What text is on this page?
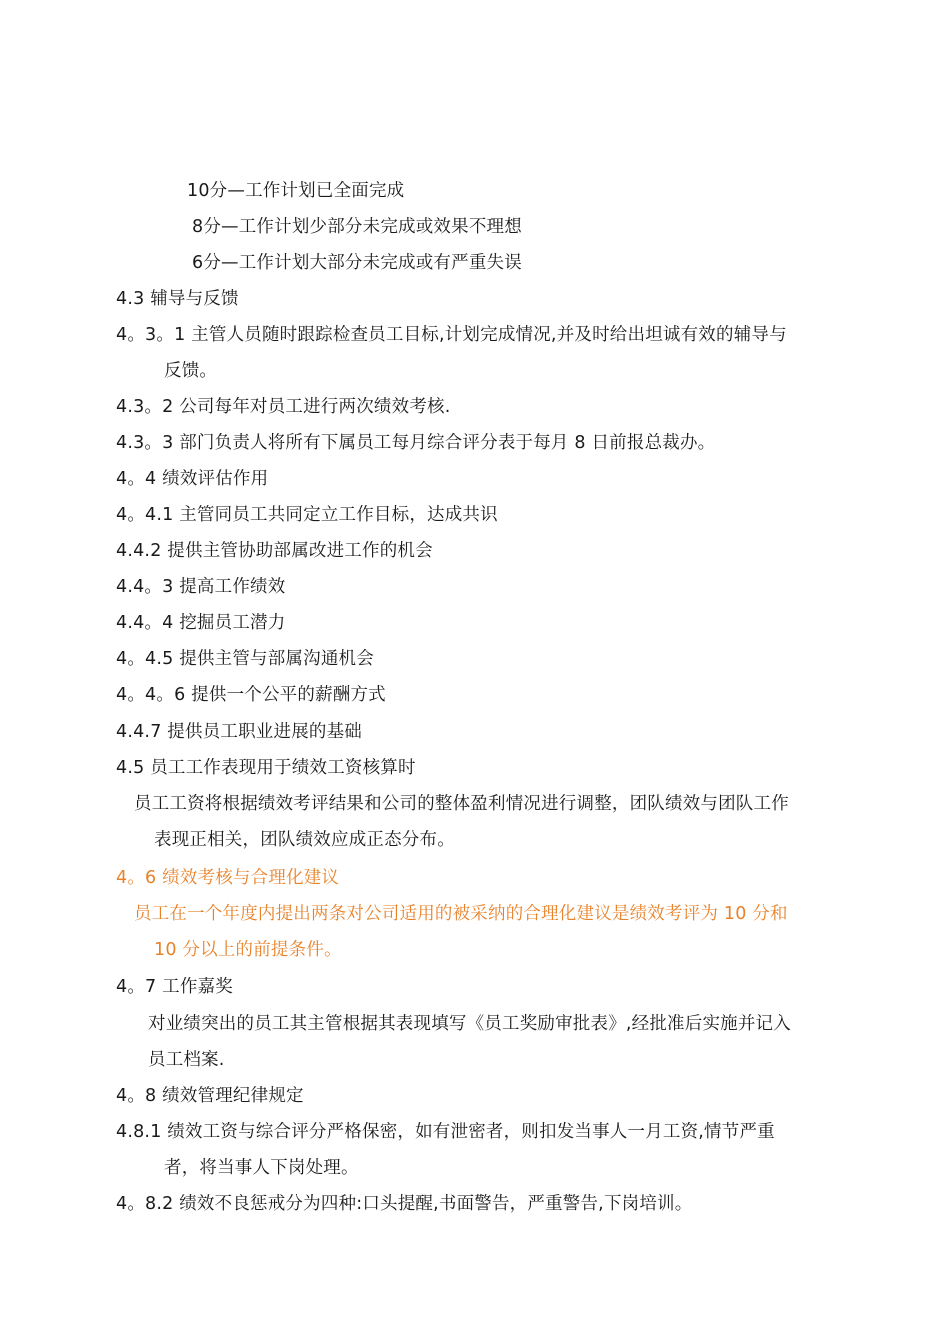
10分—工作计划已全面完成
8分—工作计划少部分未完成或效果不理想
6分—工作计划大部分未完成或有严重失误
4.3 辅导与反馈
4。3。1 主管人员随时跟踪检查员工目标,计划完成情况,并及时给出坦诚有效的辅导与
反馈。
4.3。2 公司每年对员工进行两次绩效考核.
4.3。3 部门负责人将所有下属员工每月综合评分表于每月 8 日前报总裁办。
4。4 绩效评估作用
4。4.1 主管同员工共同定立工作目标，达成共识
4.4.2 提供主管协助部属改进工作的机会
4.4。3 提高工作绩效
4.4。4 挖掘员工潜力
4。4.5 提供主管与部属沟通机会
4。4。6 提供一个公平的薪酬方式
4.4.7 提供员工职业进展的基础
4.5 员工工作表现用于绩效工资核算时
员工工资将根据绩效考评结果和公司的整体盈利情况进行调整，团队绩效与团队工作
表现正相关，团队绩效应成正态分布。
4。6 绩效考核与合理化建议
员工在一个年度内提出两条对公司适用的被采纳的合理化建议是绩效考评为 10 分和
10 分以上的前提条件。
4。7 工作嘉奖
对业绩突出的员工其主管根据其表现填写《员工奖励审批表》,经批准后实施并记入
员工档案.
4。8 绩效管理纪律规定
4.8.1 绩效工资与综合评分严格保密，如有泄密者，则扣发当事人一月工资,情节严重
者，将当事人下岗处理。
4。8.2 绩效不良惩戒分为四种:口头提醒,书面警告，严重警告,下岗培训。
